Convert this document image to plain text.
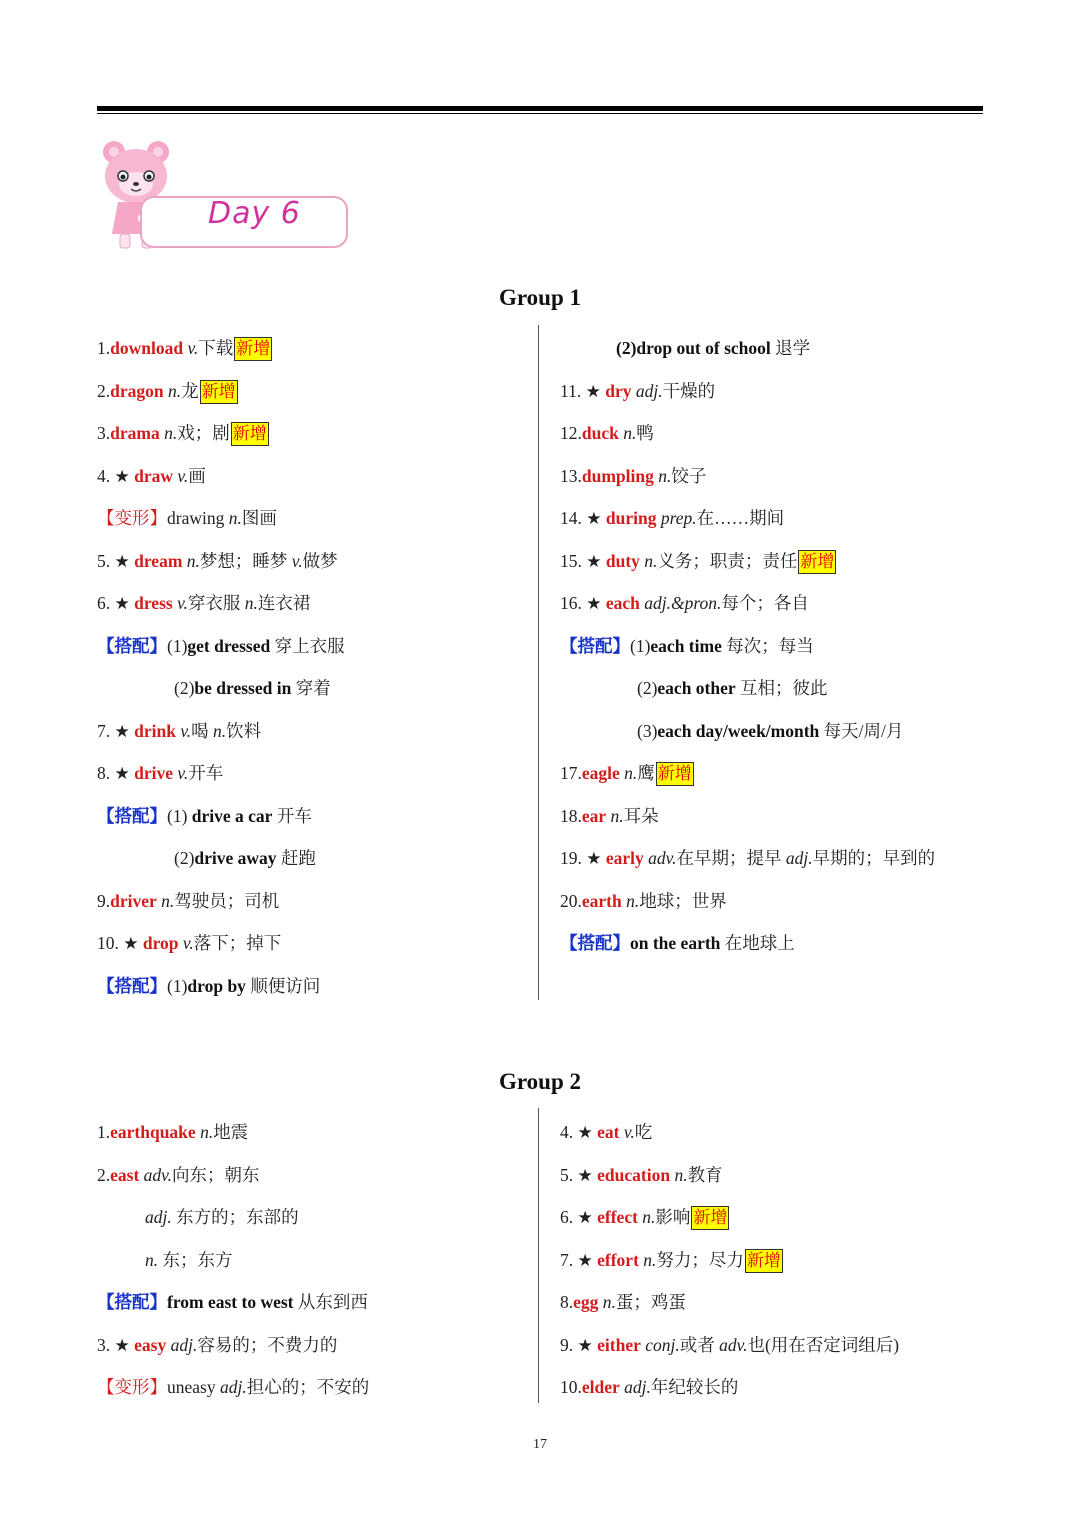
Day 6
Group 1
1.download v.下载 新增
2.dragon n.龙 新增
3.drama n.戏；剧 新增
4. ★ draw v.画
【变形】drawing n.图画
5. ★ dream n.梦想；睡梦 v.做梦
6. ★ dress v.穿衣服 n.连衣裙
【搭配】(1)get dressed 穿上衣服
(2)be dressed in 穿着
7. ★ drink v.喝 n.饮料
8. ★ drive v.开车
【搭配】(1) drive a car 开车
(2)drive away 赶跑
9.driver n.驾驶员；司机
10. ★ drop v.落下；掉下
【搭配】(1)drop by 顺便访问
(2)drop out of school 退学
11. ★ dry adj.干燥的
12.duck n.鸭
13.dumpling n.饺子
14. ★ during prep.在……期间
15. ★ duty n.义务；职责；责任 新增
16. ★ each adj.&pron.每个；各自
【搭配】(1)each time 每次；每当
(2)each other 互相；彼此
(3)each day/week/month 每天/周/月
17.eagle n.鹰 新增
18.ear n.耳朵
19. ★ early adv.在早期；提早 adj.早期的；早到的
20.earth n.地球；世界
【搭配】on the earth 在地球上
Group 2
1.earthquake n.地震
2.east adv.向东；朝东
adj. 东方的；东部的
n. 东；东方
【搭配】from east to west 从东到西
3. ★ easy adj.容易的；不费力的
【变形】uneasy adj.担心的；不安的
4. ★ eat v.吃
5. ★ education n.教育
6. ★ effect n.影响 新增
7. ★ effort n.努力；尽力 新增
8.egg n.蛋；鸡蛋
9. ★ either conj.或者 adv.也(用在否定词组后)
10.elder adj.年纪较长的
17
